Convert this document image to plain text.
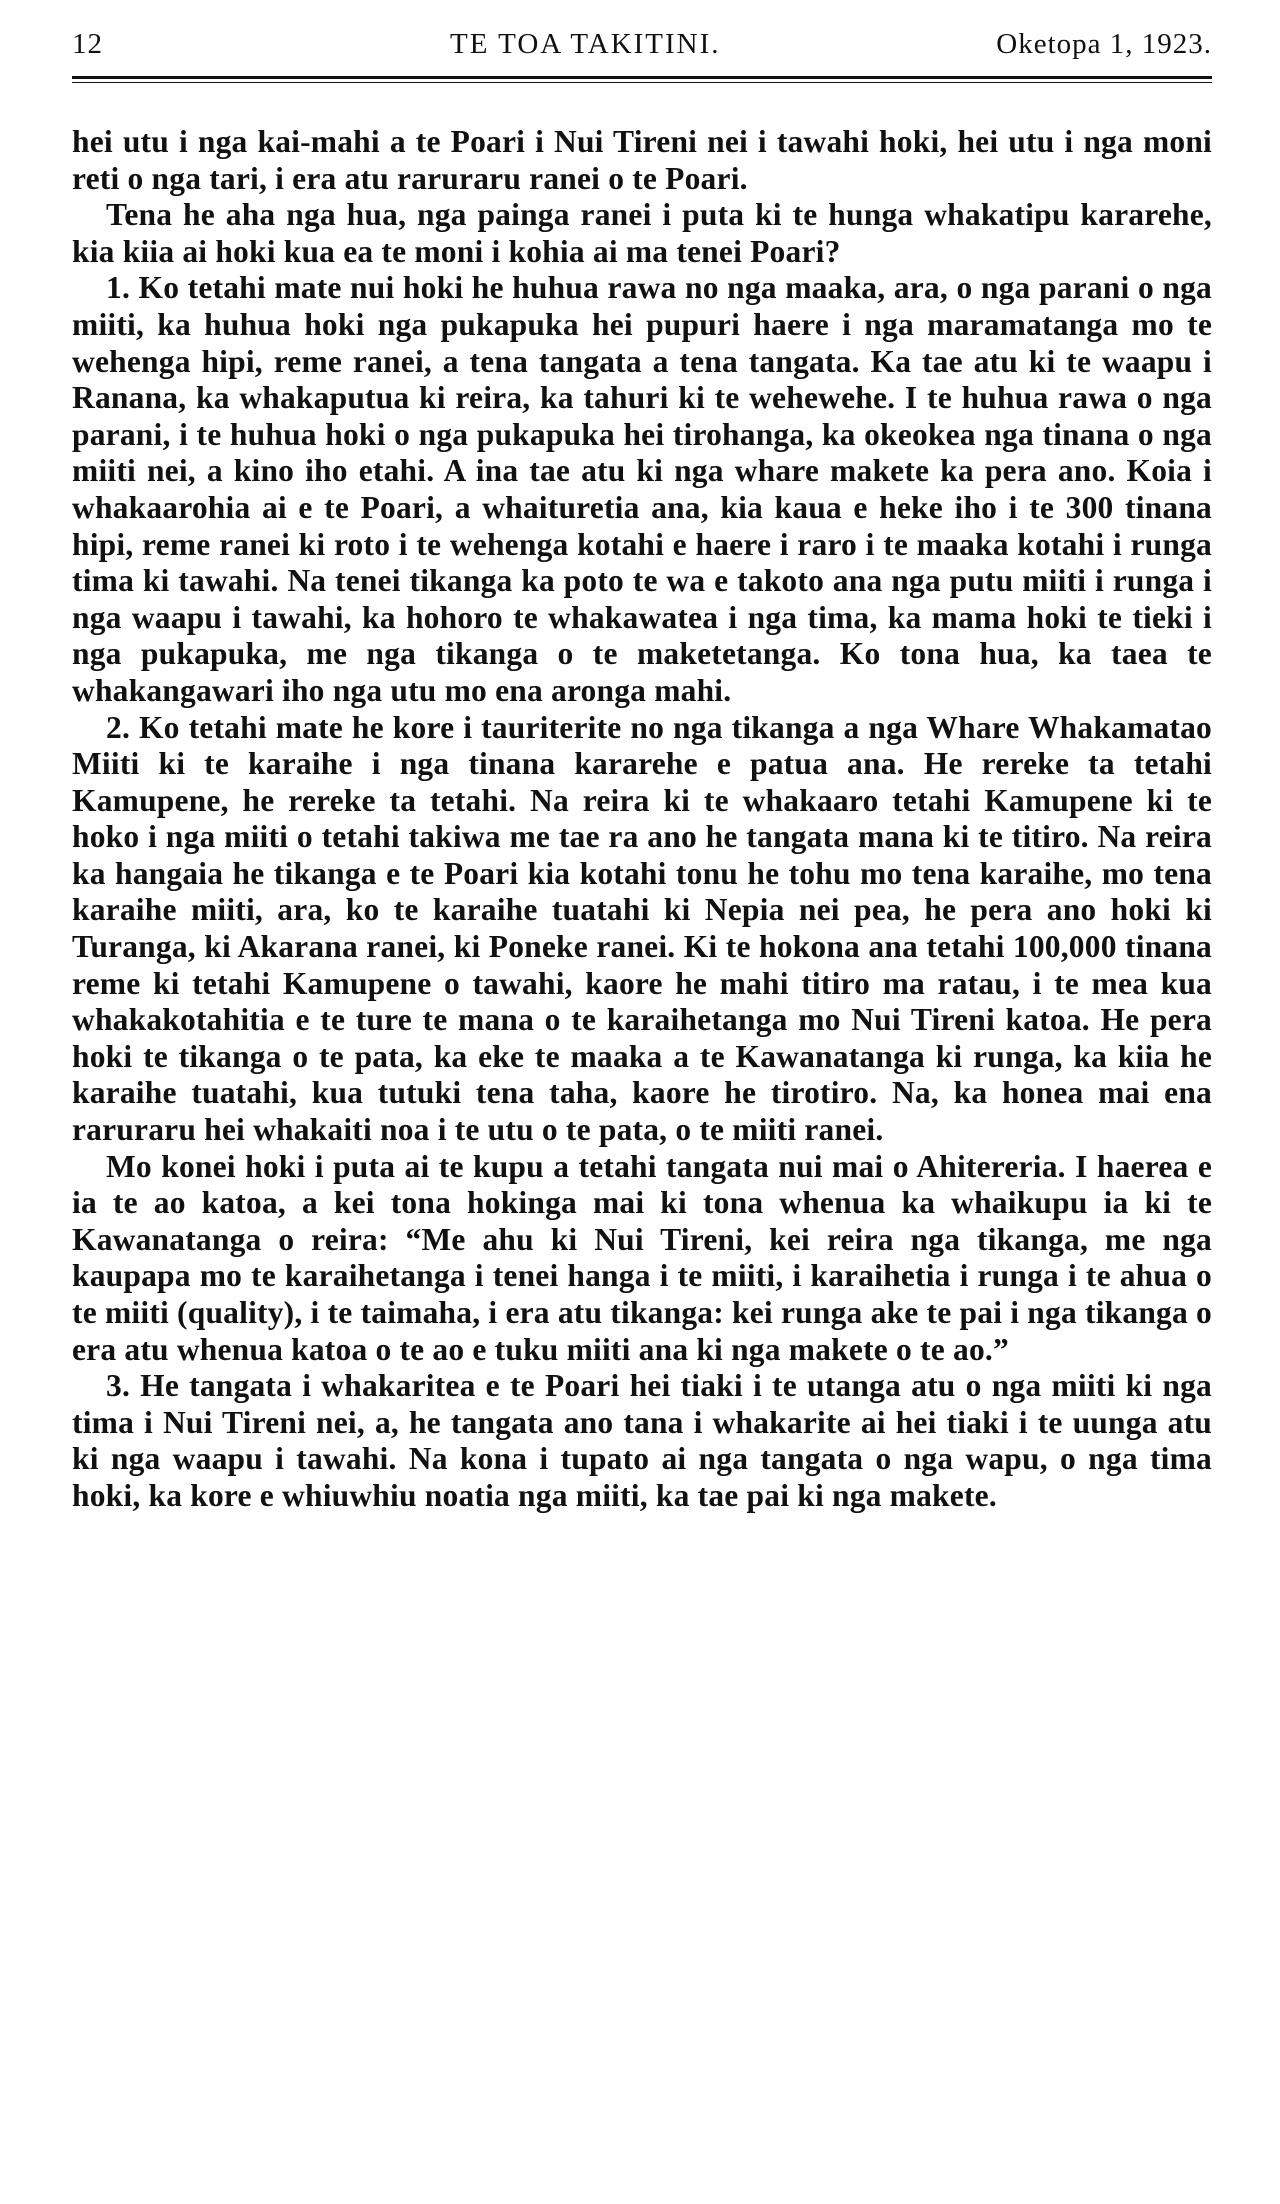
12	TE TOA TAKITINI.	Oketopa 1, 1923.

hei utu i nga kai-mahi a te Poari i Nui Tireni nei i tawahi hoki, hei utu i nga moni reti o nga tari, i era atu raruraru ranei o te Poari.

Tena he aha nga hua, nga painga ranei i puta ki te hunga whakatipu kararehe, kia kiia ai hoki kua ea te moni i kohia ai ma tenei Poari?

1. Ko tetahi mate nui hoki he huhua rawa no nga maaka, ara, o nga parani o nga miiti, ka huhua hoki nga pukapuka hei pupuri haere i nga maramatanga mo te wehenga hipi, reme ranei, a tena tangata a tena tangata. Ka tae atu ki te waapu i Ranana, ka whakaputua ki reira, ka tahuri ki te wehewehe. I te huhua rawa o nga parani, i te huhua hoki o nga pukapuka hei tirohanga, ka okeokea nga tinana o nga miiti nei, a kino iho etahi. A ina tae atu ki nga whare makete ka pera ano. Koia i whakaarohia ai e te Poari, a whaituretia ana, kia kaua e heke iho i te 300 tinana hipi, reme ranei ki roto i te wehenga kotahi e haere i raro i te maaka kotahi i runga tima ki tawahi. Na tenei tikanga ka poto te wa e takoto ana nga putu miiti i runga i nga waapu i tawahi, ka hohoro te whakawatea i nga tima, ka mama hoki te tieki i nga pukapuka, me nga tikanga o te maketetanga. Ko tona hua, ka taea te whakangawari iho nga utu mo ena aronga mahi.

2. Ko tetahi mate he kore i tauriterite no nga tikanga a nga Whare Whakamatao Miiti ki te karaihe i nga tinana kararehe e patua ana. He rereke ta tetahi Kamupene, he rereke ta tetahi. Na reira ki te whakaaro tetahi Kamupene ki te hoko i nga miiti o tetahi takiwa me tae ra ano he tangata mana ki te titiro. Na reira ka hangaia he tikanga e te Poari kia kotahi tonu he tohu mo tena karaihe, mo tena karaihe miiti, ara, ko te karaihe tuatahi ki Nepia nei pea, he pera ano hoki ki Turanga, ki Akarana ranei, ki Poneke ranei. Ki te hokona ana tetahi 100,000 tinana reme ki tetahi Kamupene o tawahi, kaore he mahi titiro ma ratau, i te mea kua whakakotahitia e te ture te mana o te karaihetanga mo Nui Tireni katoa. He pera hoki te tikanga o te pata, ka eke te maaka a te Kawanatanga ki runga, ka kiia he karaihe tuatahi, kua tutuki tena taha, kaore he tirotiro. Na, ka honea mai ena raruraru hei whakaiti noa i te utu o te pata, o te miiti ranei.

Mo konei hoki i puta ai te kupu a tetahi tangata nui mai o Ahitereria. I haerea e ia te ao katoa, a kei tona hokinga mai ki tona whenua ka whaikupu ia ki te Kawanatanga o reira: “Me ahu ki Nui Tireni, kei reira nga tikanga, me nga kaupapa mo te karaihetanga i tenei hanga i te miiti, i karaihetia i runga i te ahua o te miiti (quality), i te taimaha, i era atu tikanga: kei runga ake te pai i nga tikanga o era atu whenua katoa o te ao e tuku miiti ana ki nga makete o te ao.”

3. He tangata i whakaritea e te Poari hei tiaki i te utanga atu o nga miiti ki nga tima i Nui Tireni nei, a, he tangata ano tana i whakarite ai hei tiaki i te uunga atu ki nga waapu i tawahi. Na kona i tupato ai nga tangata o nga wapu, o nga tima hoki, ka kore e whiuwhiu noatia nga miiti, ka tae pai ki nga makete.
